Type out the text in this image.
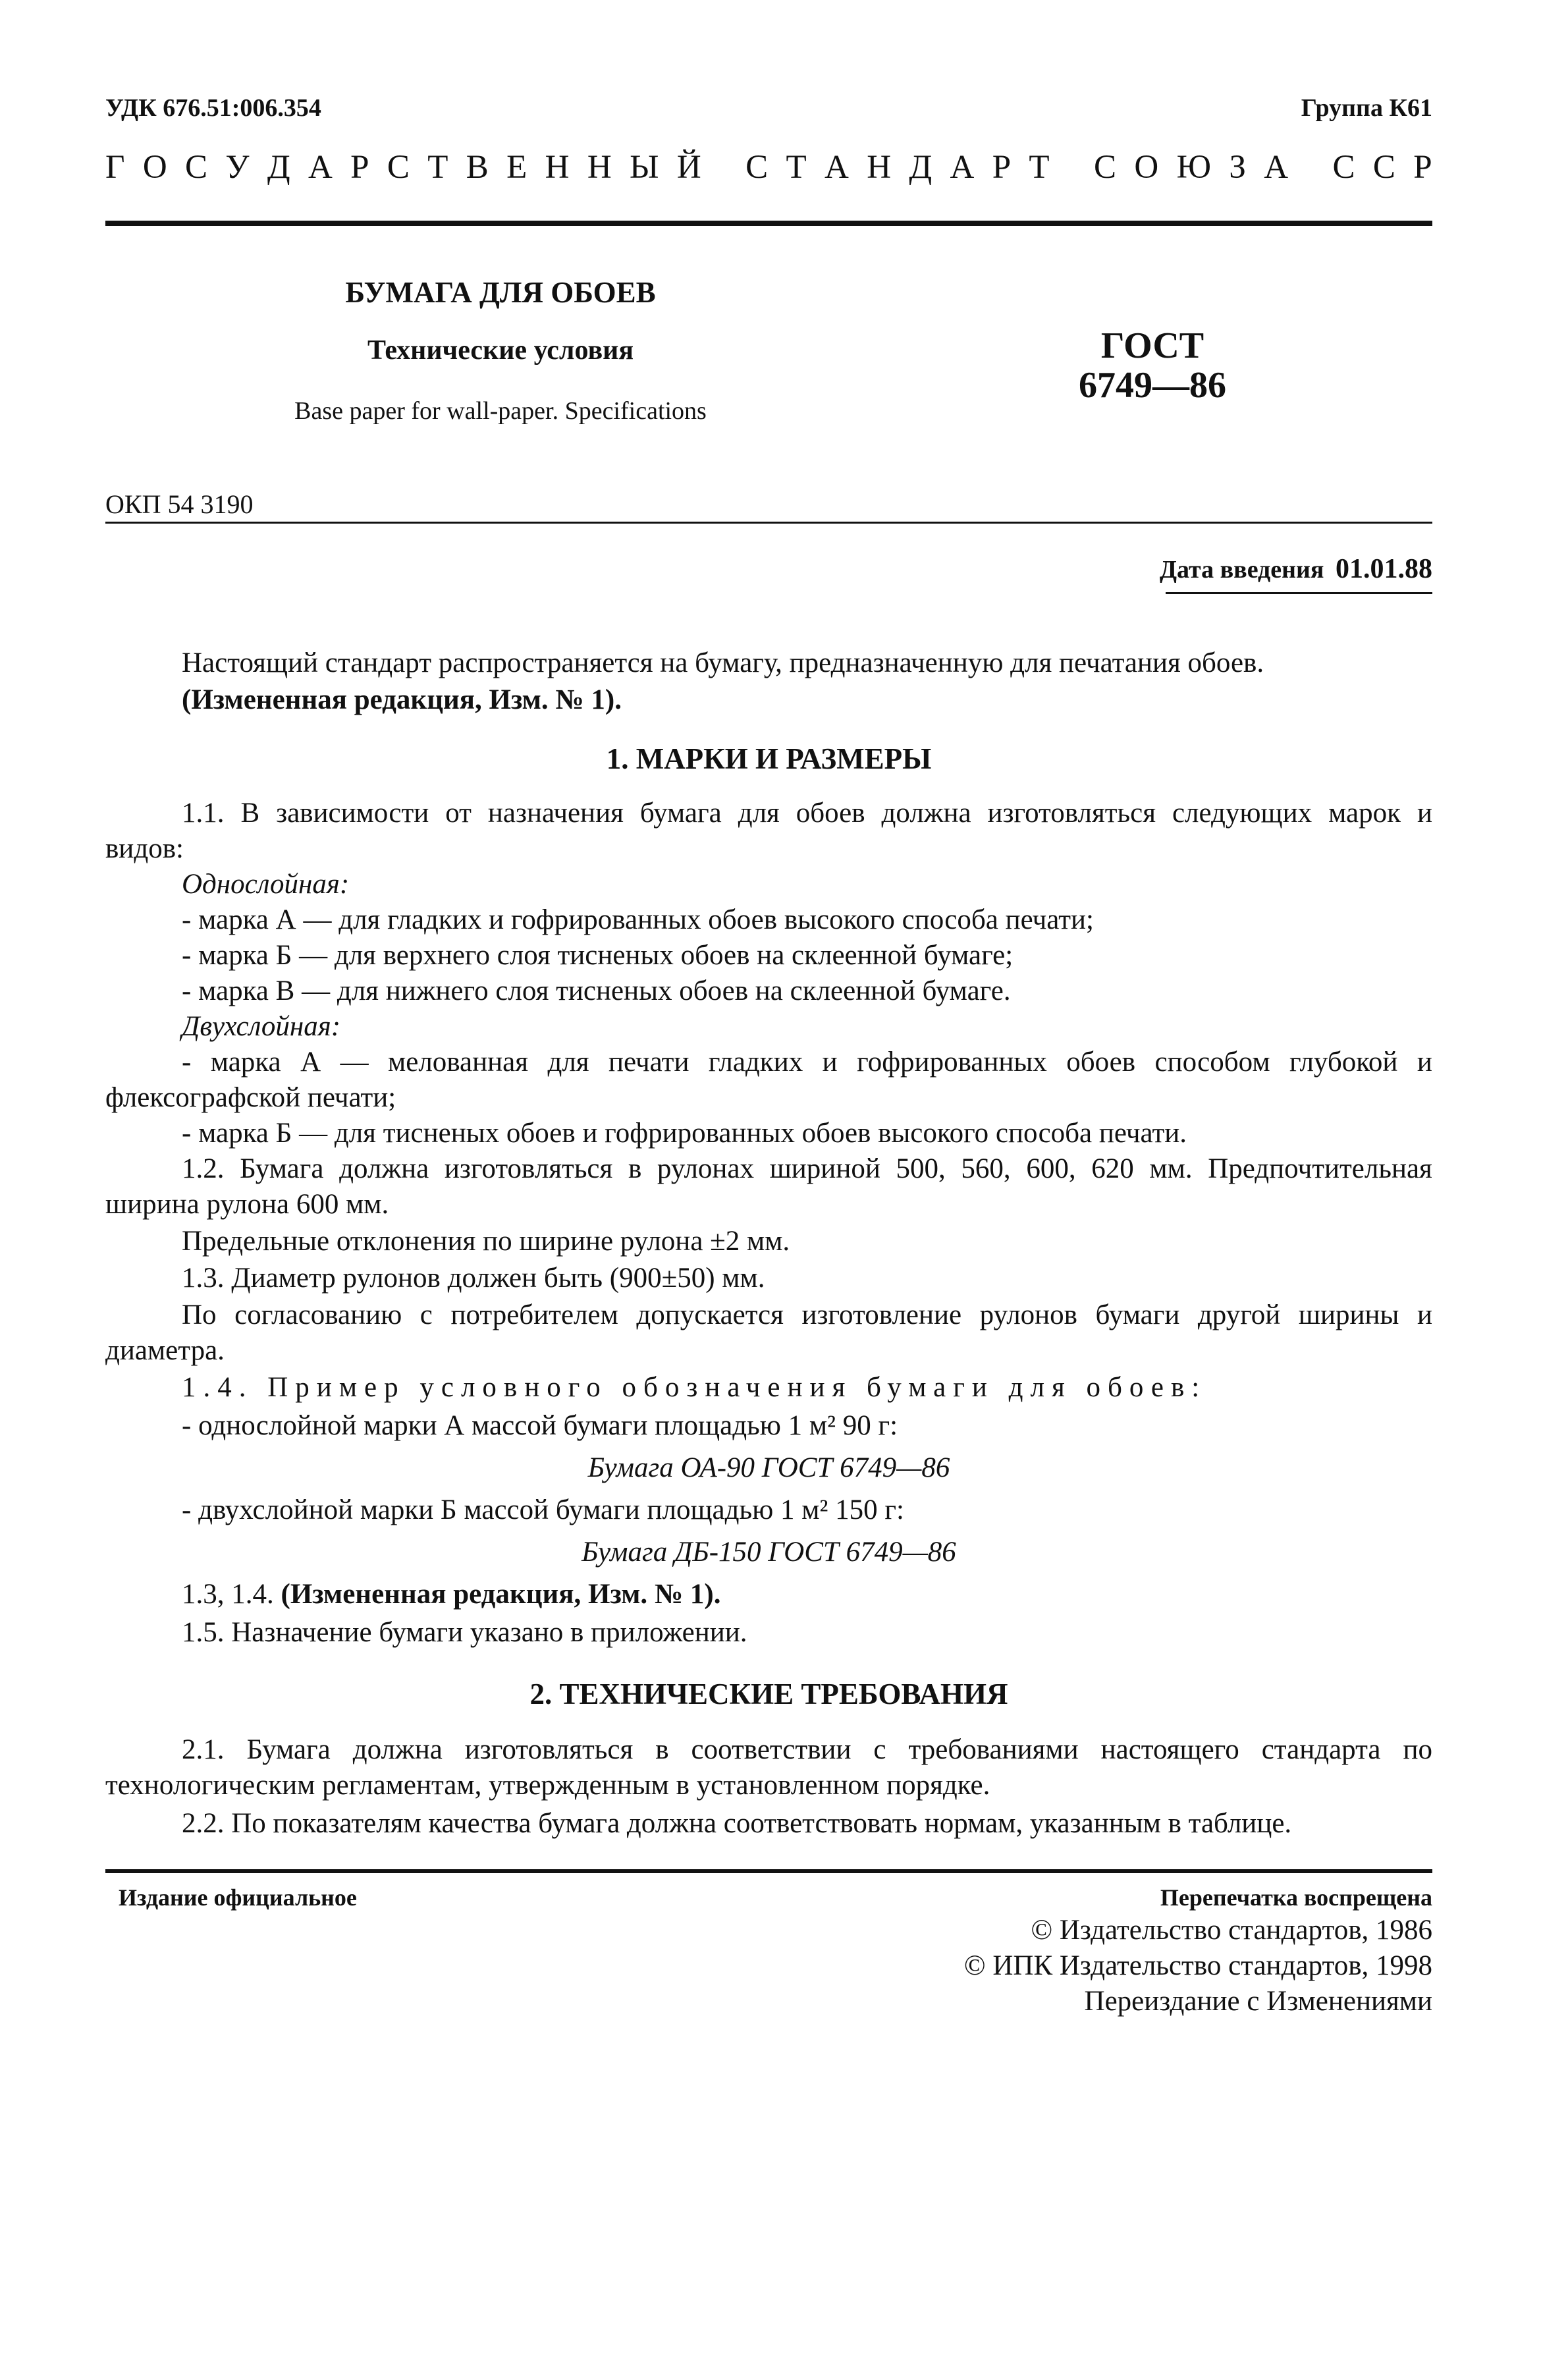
УДК 676.51:006.354	Группа К61
Г О С У Д А Р С Т В Е Н Н Ы Й
С Т А Н Д А Р Т
С О Ю З А
С С Р
БУМАГА ДЛЯ ОБОЕВ
Технические условия
Base paper for wall-paper. Specifications
ГОСТ
6749—86
ОКП 54 3190
Дата введения 01.01.88
Настоящий стандарт распространяется на бумагу, предназначенную для печатания обоев.
(Измененная редакция, Изм. № 1).
1. МАРКИ И РАЗМЕРЫ
1.1. В зависимости от назначения бумага для обоев должна изготовляться следующих марок и
видов:
Однослойная:
- марка А — для гладких и гофрированных обоев высокого способа печати;
- марка Б — для верхнего слоя тисненых обоев на склеенной бумаге;
- марка В — для нижнего слоя тисненых обоев на склеенной бумаге.
Двухслойная:
- марка А — мелованная для печати гладких и гофрированных обоев способом глубокой и
флексографской печати;
- марка Б — для тисненых обоев и гофрированных обоев высокого способа печати.
1.2. Бумага должна изготовляться в рулонах шириной 500, 560, 600, 620 мм. Предпочтительная
ширина рулона 600 мм.
Предельные отклонения по ширине рулона ±2 мм.
1.3. Диаметр рулонов должен быть (900±50) мм.
По согласованию с потребителем допускается изготовление рулонов бумаги другой ширины и
диаметра.
1.4. Пример условного обозначения бумаги для обоев:
- однослойной марки А массой бумаги площадью 1 м² 90 г:
Бумага ОА-90 ГОСТ 6749—86
- двухслойной марки Б массой бумаги площадью 1 м² 150 г:
Бумага ДБ-150 ГОСТ 6749—86
1.3, 1.4. (Измененная редакция, Изм. № 1).
1.5. Назначение бумаги указано в приложении.
2. ТЕХНИЧЕСКИЕ ТРЕБОВАНИЯ
2.1. Бумага должна изготовляться в соответствии с требованиями настоящего стандарта по
технологическим регламентам, утвержденным в установленном порядке.
2.2. По показателям качества бумага должна соответствовать нормам, указанным в таблице.
Издание официальное	Перепечатка воспрещена
© Издательство стандартов, 1986
© ИПК Издательство стандартов, 1998
Переиздание с Изменениями
